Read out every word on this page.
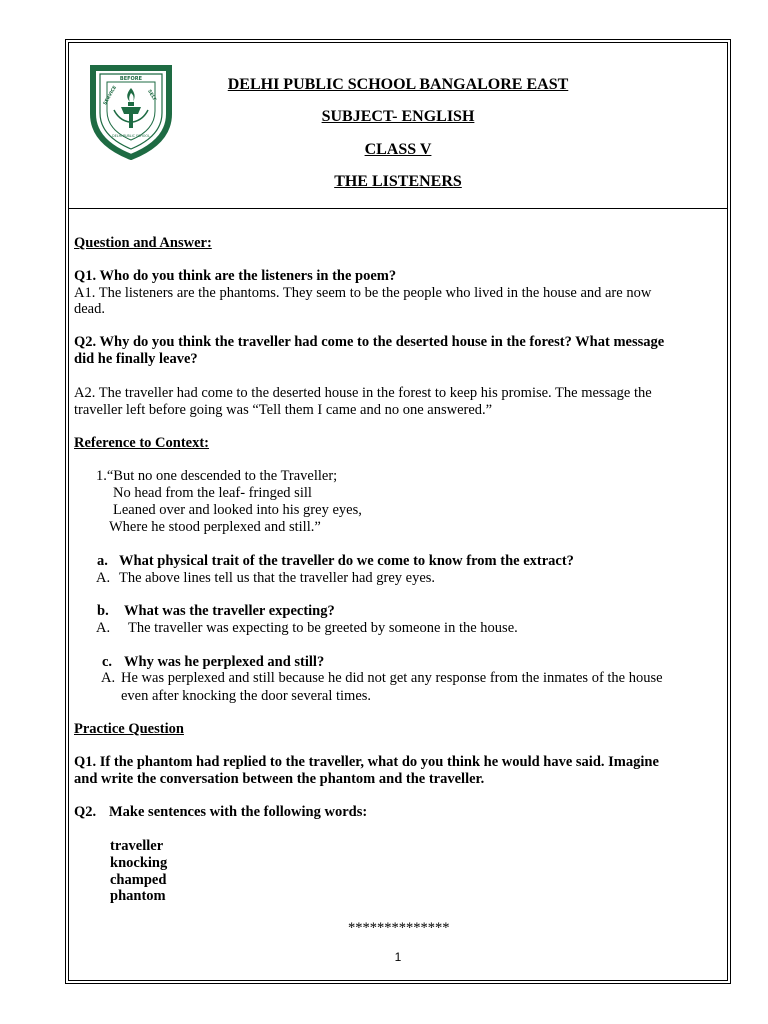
BEFORE
SERVICE	SELF
DELHI PUBLIC SCHOOL
DELHI PUBLIC SCHOOL BANGALORE EAST
SUBJECT- ENGLISH
CLASS V
THE LISTENERS
Question and Answer:
Q1. Who do you think are the listeners in the poem?
A1. The listeners are the phantoms. They seem to be the people who lived in the house and are now
dead.
Q2. Why do you think the traveller had come to the deserted house in the forest? What message
did he finally leave?
A2. The traveller had come to the deserted house in the forest to keep his promise. The message the
traveller left before going was “Tell them I came and no one answered.”
Reference to Context:
1.“But no one descended to the Traveller;
No head from the leaf- fringed sill
Leaned over and looked into his grey eyes,
Where he stood perplexed and still.”
a. What physical trait of the traveller do we come to know from the extract?
A. The above lines tell us that the traveller had grey eyes.
b. What was the traveller expecting?
A. The traveller was expecting to be greeted by someone in the house.
c. Why was he perplexed and still?
A. He was perplexed and still because he did not get any response from the inmates of the house
even after knocking the door several times.
Practice Question
Q1. If the phantom had replied to the traveller, what do you think he would have said. Imagine
and write the conversation between the phantom and the traveller.
Q2. Make sentences with the following words:
traveller
knocking
champed
phantom
**************
1
